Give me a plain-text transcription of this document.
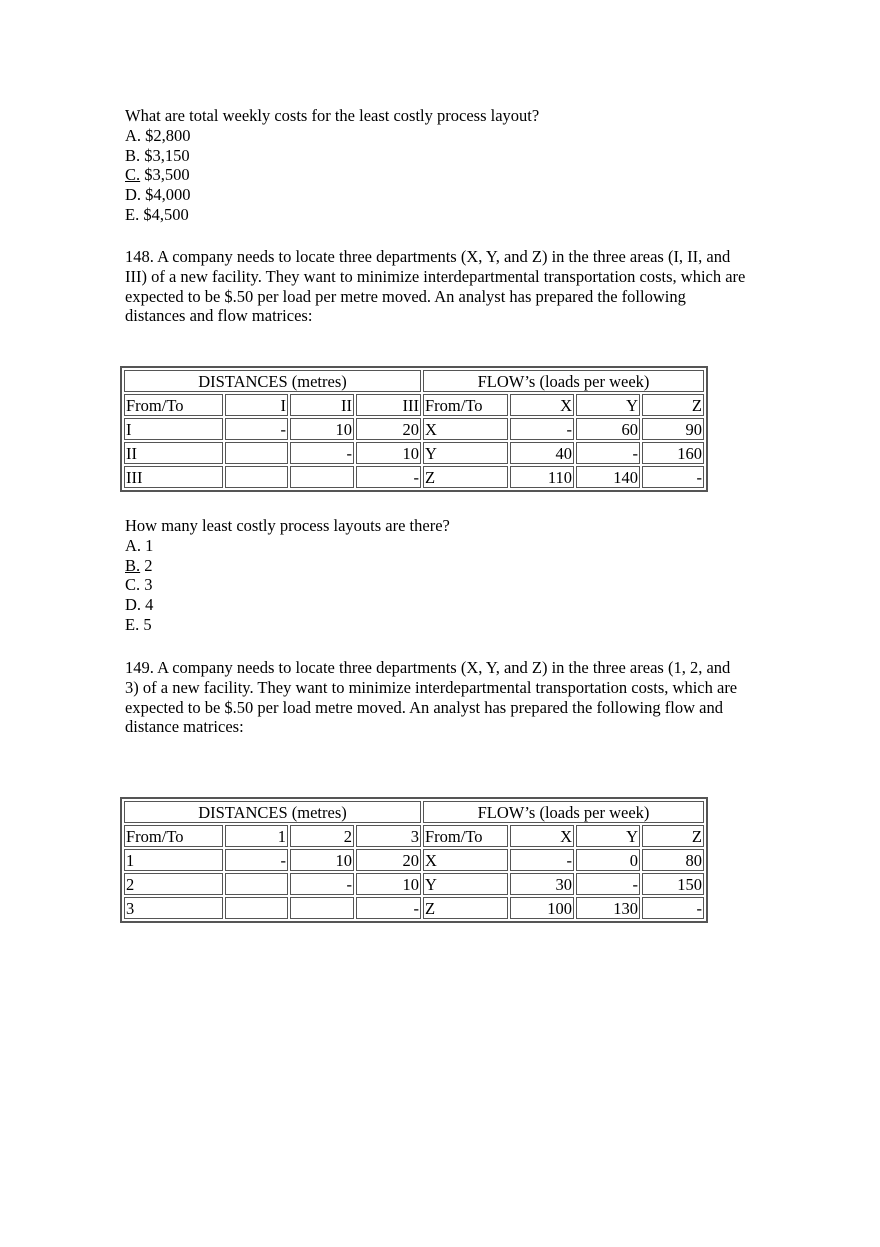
What are total weekly costs for the least costly process layout?
A. $2,800
B. $3,150
C. $3,500
D. $4,000
E. $4,500
148. A company needs to locate three departments (X, Y, and Z) in the three areas (I, II, and
III) of a new facility. They want to minimize interdepartmental transportation costs, which are
expected to be $.50 per load per metre moved. An analyst has prepared the following
distances and flow matrices:
DISTANCES (metres)				FLOW’s (loads per week)			
From/To	I	II	III	From/To	X	Y	Z
I	-	10	20	X	-	60	90
II		-	10	Y	40	-	160
III			-	Z	110	140	-
How many least costly process layouts are there?
A. 1
B. 2
C. 3
D. 4
E. 5
149. A company needs to locate three departments (X, Y, and Z) in the three areas (1, 2, and
3) of a new facility. They want to minimize interdepartmental transportation costs, which are
expected to be $.50 per load metre moved. An analyst has prepared the following flow and
distance matrices:
DISTANCES (metres)				FLOW’s (loads per week)			
From/To	1	2	3	From/To	X	Y	Z
1	-	10	20	X	-	0	80
2		-	10	Y	30	-	150
3			-	Z	100	130	-
